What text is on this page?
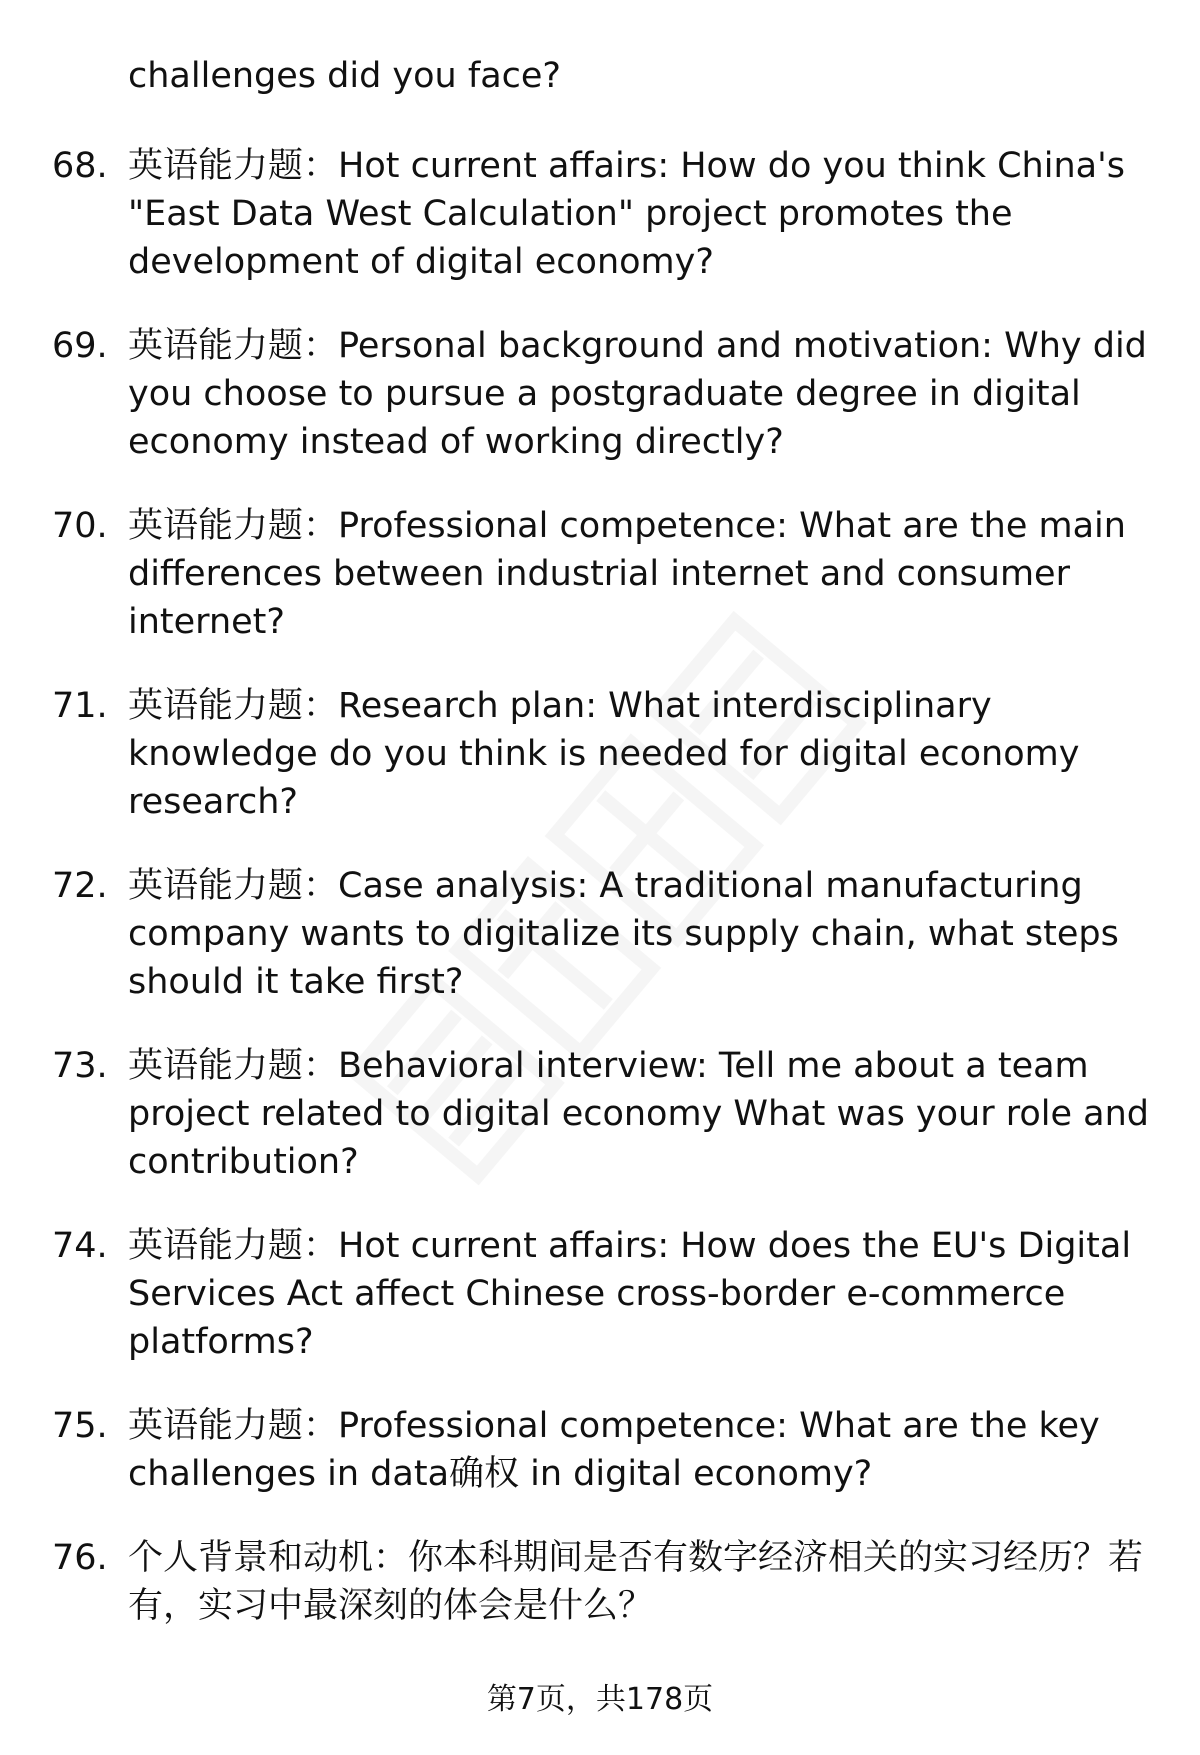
challenges did you face?
68. 英语能力题：Hot current affairs: How do you think China's "East Data West Calculation" project promotes the development of digital economy?
69. 英语能力题：Personal background and motivation: Why did you choose to pursue a postgraduate degree in digital economy instead of working directly?
70. 英语能力题：Professional competence: What are the main differences between industrial internet and consumer internet?
71. 英语能力题：Research plan: What interdisciplinary knowledge do you think is needed for digital economy research?
72. 英语能力题：Case analysis: A traditional manufacturing company wants to digitalize its supply chain, what steps should it take first?
73. 英语能力题：Behavioral interview: Tell me about a team project related to digital economy What was your role and contribution?
74. 英语能力题：Hot current affairs: How does the EU's Digital Services Act affect Chinese cross-border e-commerce platforms?
75. 英语能力题：Professional competence: What are the key challenges in data确权 in digital economy?
76. 个人背景和动机：你本科期间是否有数字经济相关的实习经历？若有，实习中最深刻的体会是什么？
第7页，共178页
